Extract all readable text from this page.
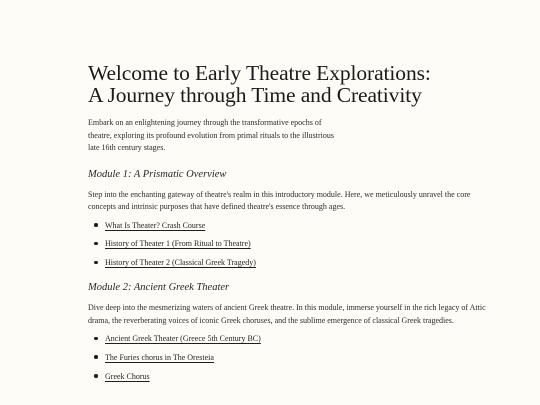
Welcome to Early Theatre Explorations: A Journey through Time and Creativity

Embark on an enlightening journey through the transformative epochs of theatre, exploring its profound evolution from primal rituals to the illustrious late 16th century stages.

Module 1: A Prismatic Overview

Step into the enchanting gateway of theatre's realm in this introductory module. Here, we meticulously unravel the core concepts and intrinsic purposes that have defined theatre's essence through ages.

What Is Theater? Crash Course
History of Theater 1 (From Ritual to Theatre)
History of Theater 2 (Classical Greek Tragedy)
Module 2: Ancient Greek Theater

Dive deep into the mesmerizing waters of ancient Greek theatre. In this module, immerse yourself in the rich legacy of Attic drama, the reverberating voices of iconic Greek choruses, and the sublime emergence of classical Greek tragedies.

Ancient Greek Theater (Greece 5th Century BC)
The Furies chorus in The Oresteia
Greek Chorus
